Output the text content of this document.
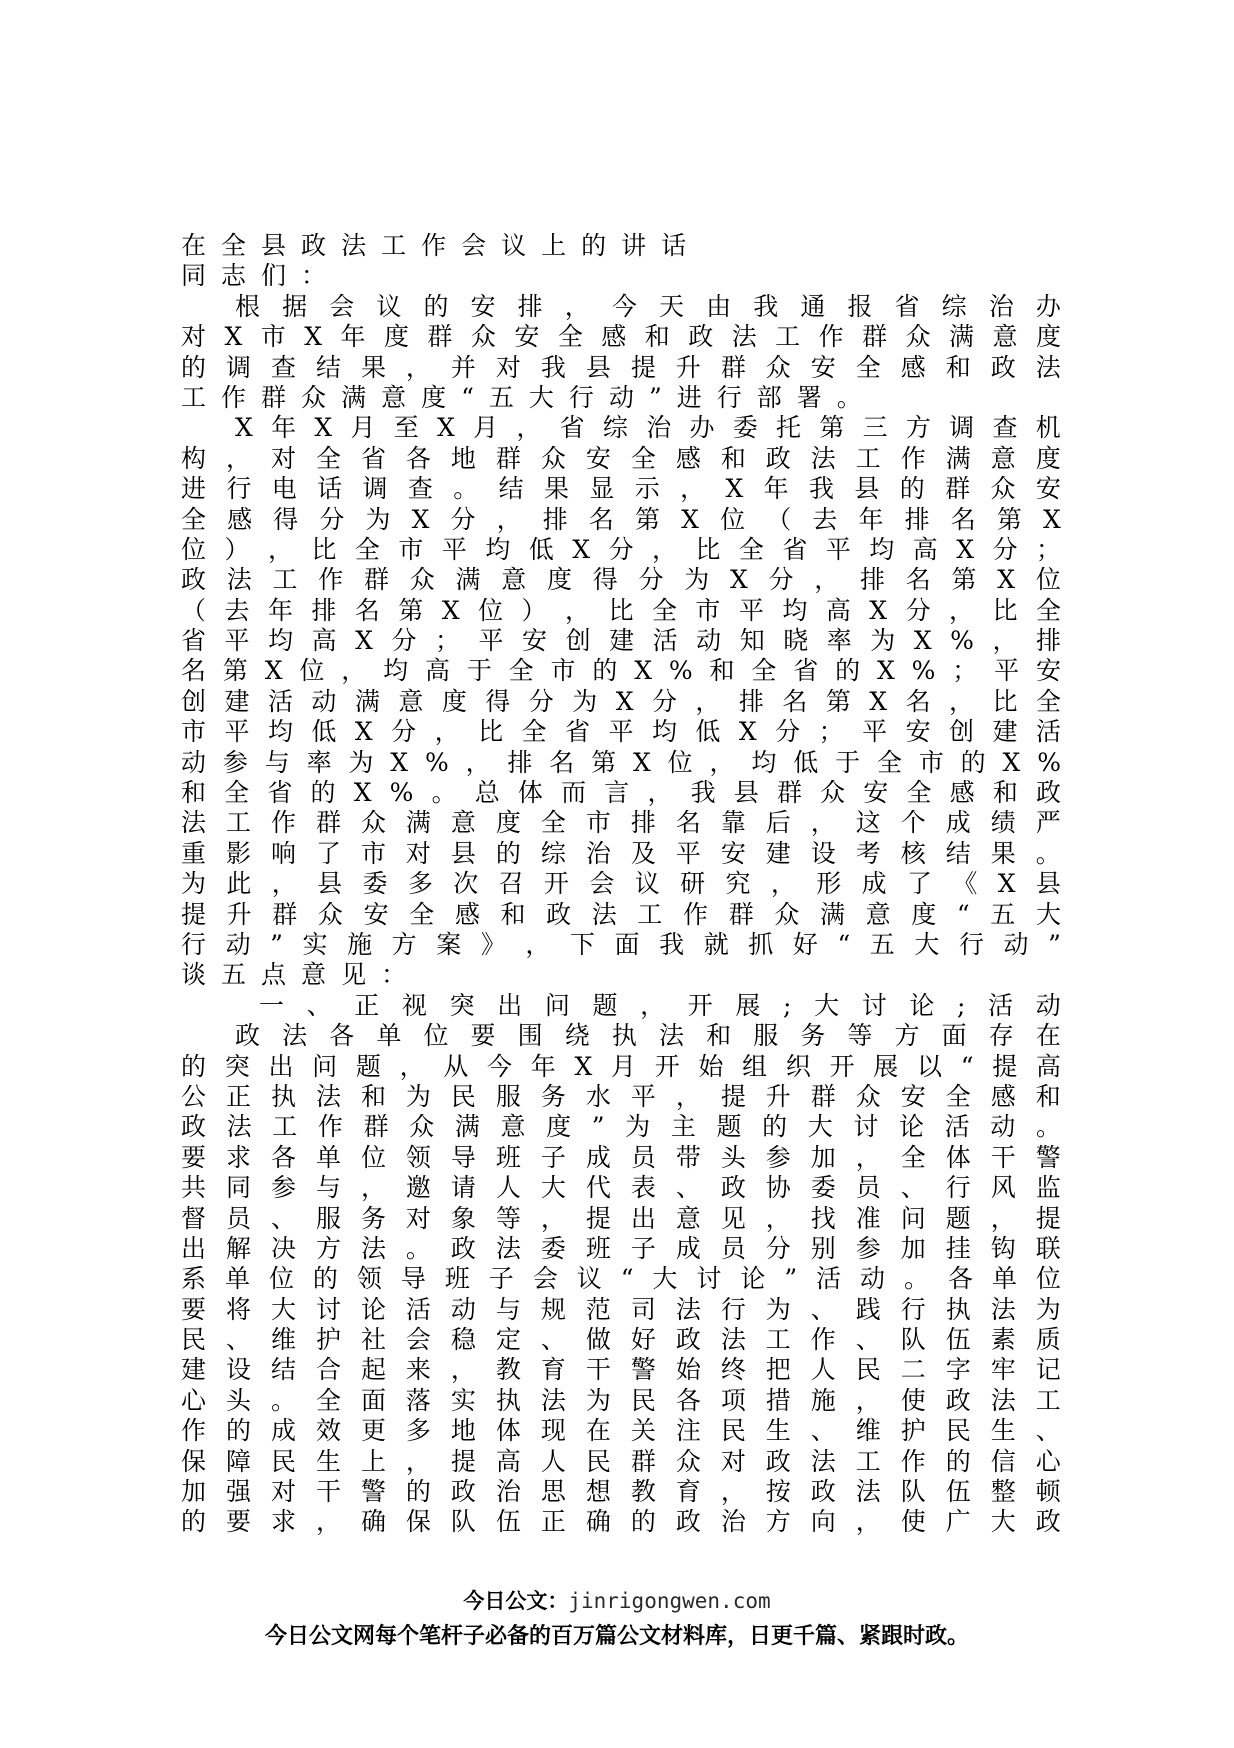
在 全 县 政 法 工 作 会 议 上 的 讲 话
同 志 们 ：
根 据 会 议 的 安 排 ， 今 天 由 我 通 报 省 综 治 办
对 X 市 X 年 度 群 众 安 全 感 和 政 法 工 作 群 众 满 意 度
的 调 查 结 果 ， 并 对 我 县 提 升 群 众 安 全 感 和 政 法
工 作 群 众 满 意 度 “ 五 大 行 动 ” 进 行 部 署 。
X 年 X 月 至 X 月 ， 省 综 治 办 委 托 第 三 方 调 查 机
构 ， 对 全 省 各 地 群 众 安 全 感 和 政 法 工 作 满 意 度
进 行 电 话 调 查 。 结 果 显 示 ， X 年 我 县 的 群 众 安
全 感 得 分 为 X 分 ， 排 名 第 X 位 （ 去 年 排 名 第 X
位 ） ， 比 全 市 平 均 低 X 分 ， 比 全 省 平 均 高 X 分 ；
政 法 工 作 群 众 满 意 度 得 分 为 X 分 ， 排 名 第 X 位
（ 去 年 排 名 第 X 位 ） ， 比 全 市 平 均 高 X 分 ， 比 全
省 平 均 高 X 分 ； 平 安 创 建 活 动 知 晓 率 为 X % ， 排
名 第 X 位 ， 均 高 于 全 市 的 X % 和 全 省 的 X % ； 平 安
创 建 活 动 满 意 度 得 分 为 X 分 ， 排 名 第 X 名 ， 比 全
市 平 均 低 X 分 ， 比 全 省 平 均 低 X 分 ； 平 安 创 建 活
动 参 与 率 为 X % ， 排 名 第 X 位 ， 均 低 于 全 市 的 X %
和 全 省 的 X % 。 总 体 而 言 ， 我 县 群 众 安 全 感 和 政
法 工 作 群 众 满 意 度 全 市 排 名 靠 后 ， 这 个 成 绩 严
重 影 响 了 市 对 县 的 综 治 及 平 安 建 设 考 核 结 果 。
为 此 ， 县 委 多 次 召 开 会 议 研 究 ， 形 成 了 《 X 县
提 升 群 众 安 全 感 和 政 法 工 作 群 众 满 意 度 “ 五 大
行 动 ” 实 施 方 案 》 ， 下 面 我 就 抓 好 “ 五 大 行 动 ”
谈 五 点 意 见 ：
一 、 正 视 突 出 问 题 ， 开 展 ; 大 讨 论 ; 活 动
政 法 各 单 位 要 围 绕 执 法 和 服 务 等 方 面 存 在
的 突 出 问 题 ， 从 今 年 X 月 开 始 组 织 开 展 以 “ 提 高
公 正 执 法 和 为 民 服 务 水 平 ， 提 升 群 众 安 全 感 和
政 法 工 作 群 众 满 意 度 ” 为 主 题 的 大 讨 论 活 动 。
要 求 各 单 位 领 导 班 子 成 员 带 头 参 加 ， 全 体 干 警
共 同 参 与 ， 邀 请 人 大 代 表 、 政 协 委 员 、 行 风 监
督 员 、 服 务 对 象 等 ， 提 出 意 见 ， 找 准 问 题 ， 提
出 解 决 方 法 。 政 法 委 班 子 成 员 分 别 参 加 挂 钩 联
系 单 位 的 领 导 班 子 会 议 “ 大 讨 论 ” 活 动 。 各 单 位
要 将 大 讨 论 活 动 与 规 范 司 法 行 为 、 践 行 执 法 为
民 、 维 护 社 会 稳 定 、 做 好 政 法 工 作 、 队 伍 素 质
建 设 结 合 起 来 ， 教 育 干 警 始 终 把 人 民 二 字 牢 记
心 头 。 全 面 落 实 执 法 为 民 各 项 措 施 ， 使 政 法 工
作 的 成 效 更 多 地 体 现 在 关 注 民 生 、 维 护 民 生 、
保 障 民 生 上 ， 提 高 人 民 群 众 对 政 法 工 作 的 信 心
加 强 对 干 警 的 政 治 思 想 教 育 ， 按 政 法 队 伍 整 顿
的 要 求 ， 确 保 队 伍 正 确 的 政 治 方 向 ， 使 广 大 政
今日公文：jinrigongwen.com
今日公文网每个笔杆子必备的百万篇公文材料库，日更千篇、紧跟时政。
